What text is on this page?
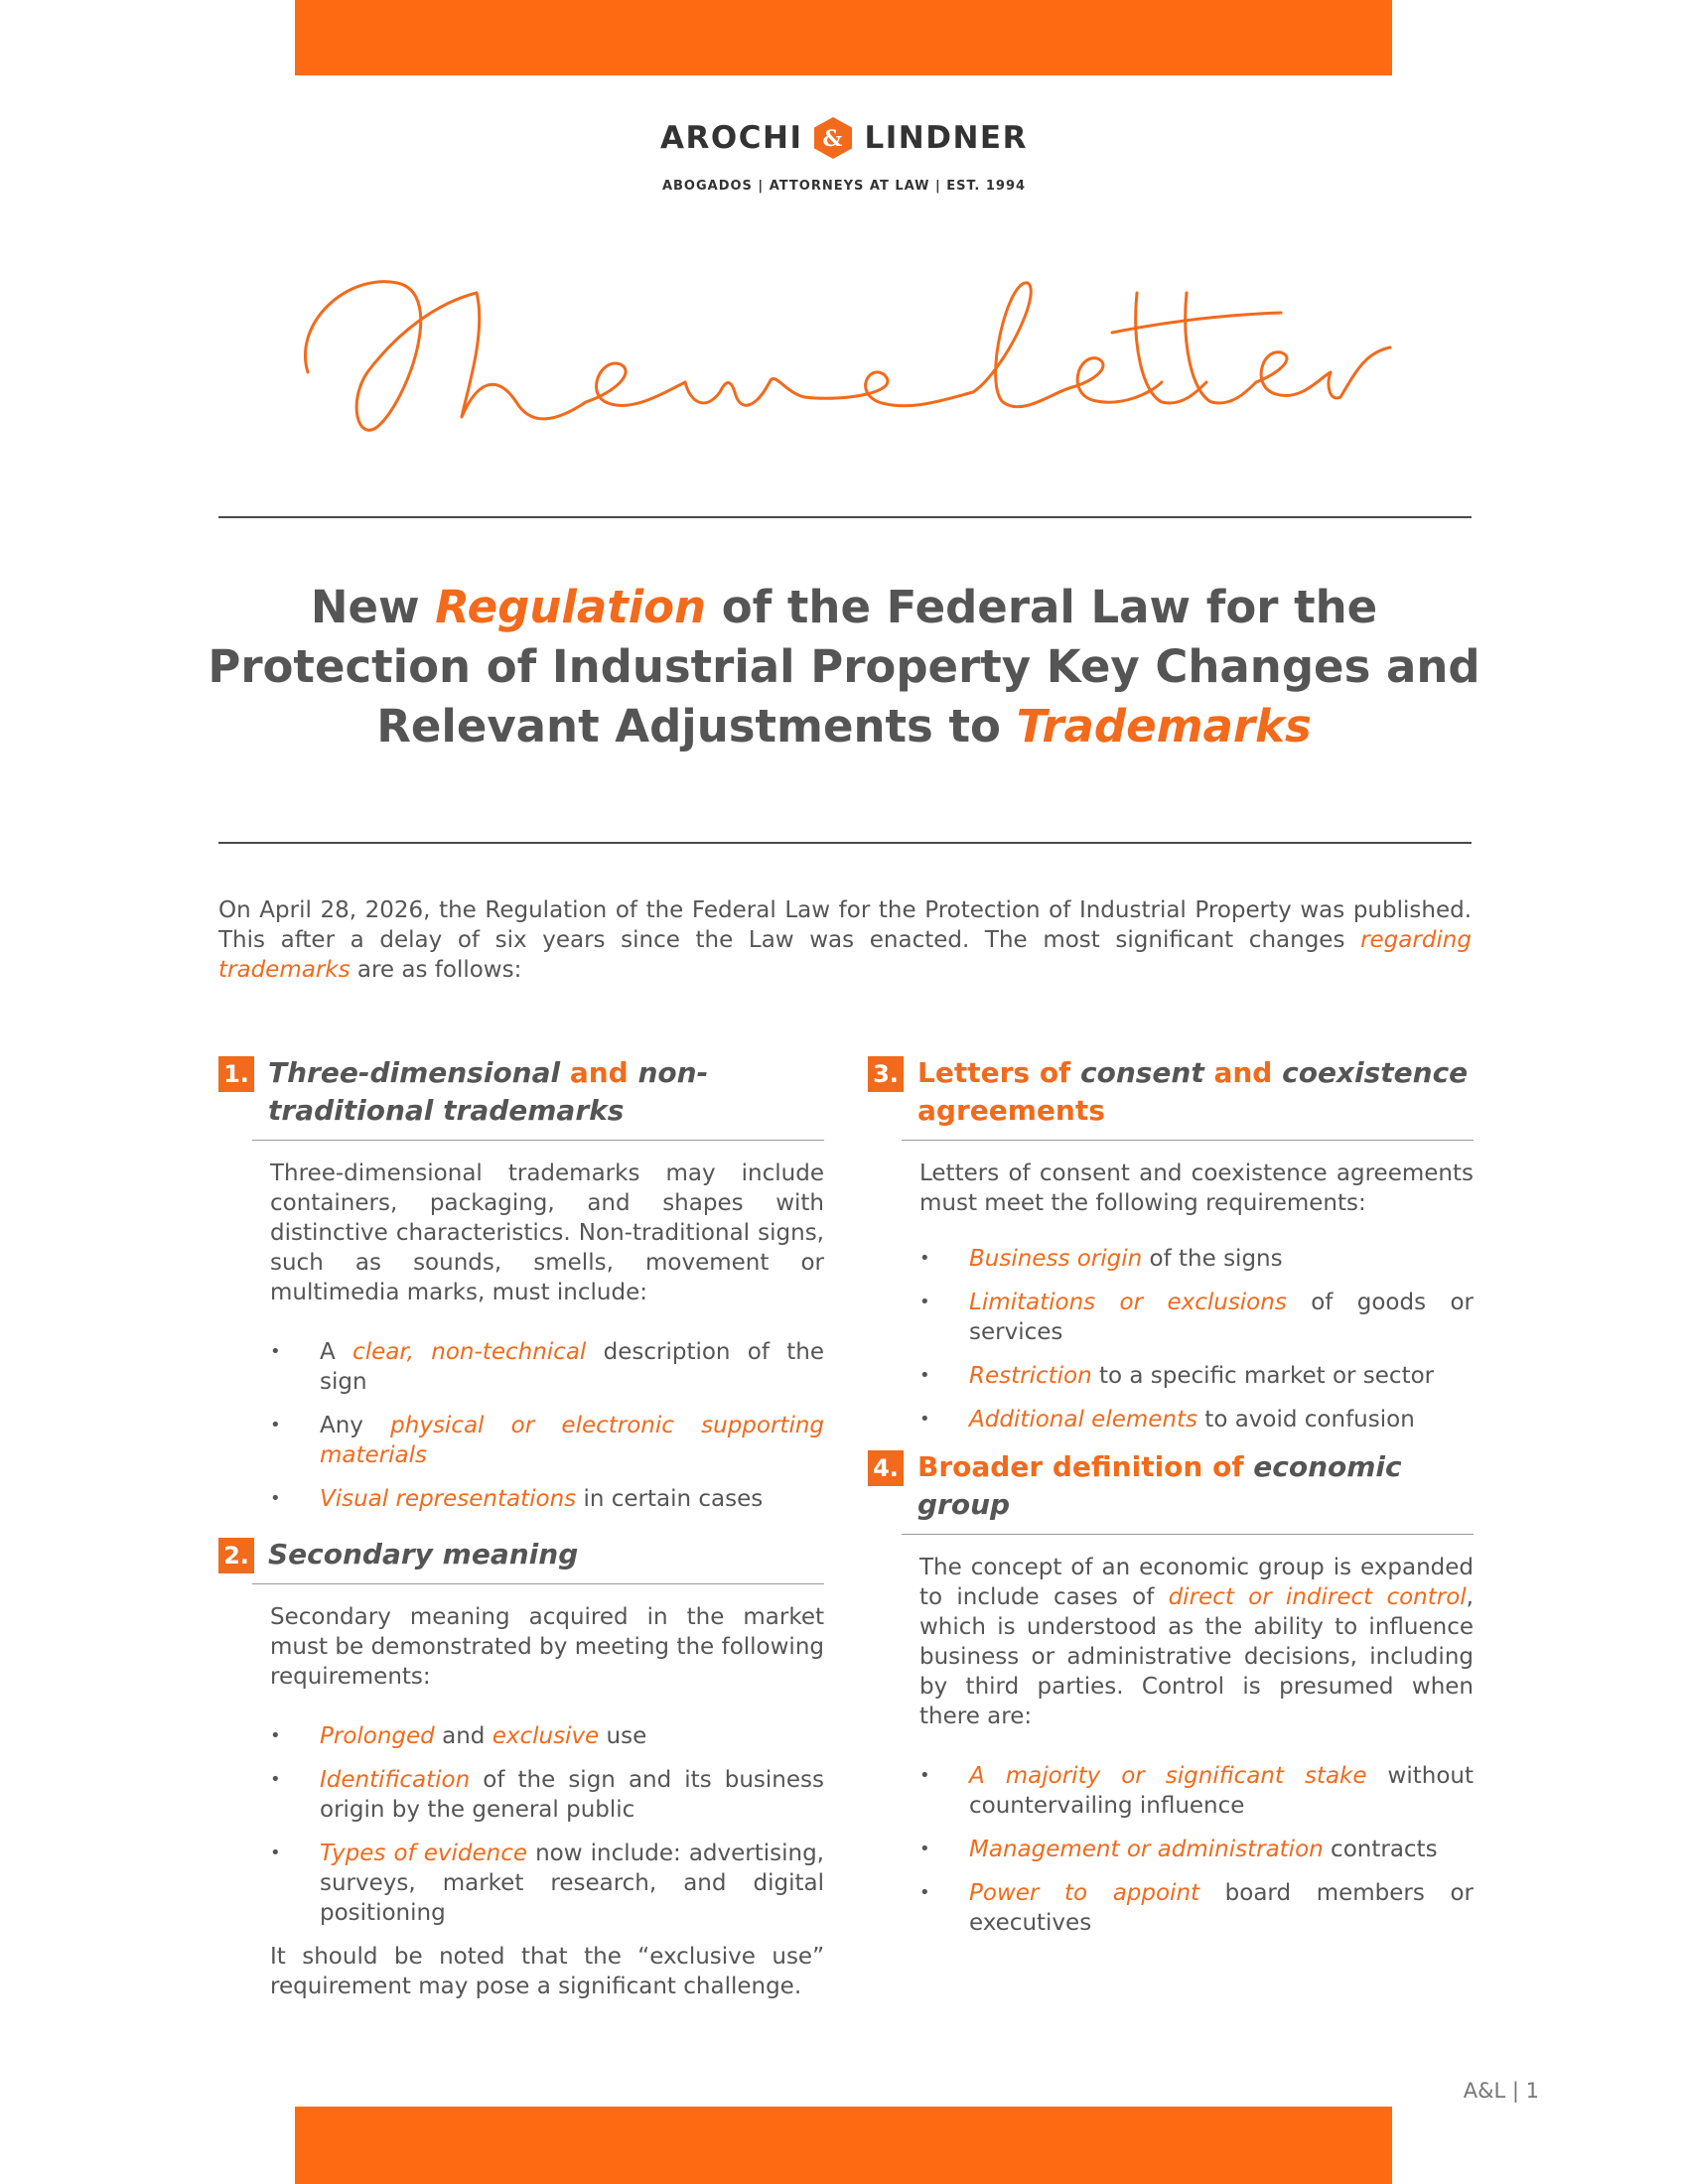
AROCHI & LINDNER
ABOGADOS | ATTORNEYS AT LAW | EST. 1994
Newsletter
New Regulation of the Federal Law for the Protection of Industrial Property Key Changes and Relevant Adjustments to Trademarks
On April 28, 2026, the Regulation of the Federal Law for the Protection of Industrial Property was published. This after a delay of six years since the Law was enacted. The most significant changes regarding trademarks are as follows:
1. Three-dimensional and non-traditional trademarks

Three-dimensional trademarks may include containers, packaging, and shapes with distinctive characteristics. Non-traditional signs, such as sounds, smells, movement or multimedia marks, must include:

• A clear, non-technical description of the sign
• Any physical or electronic supporting materials
• Visual representations in certain cases
2. Secondary meaning

Secondary meaning acquired in the market must be demonstrated by meeting the following requirements:

• Prolonged and exclusive use
• Identification of the sign and its business origin by the general public
• Types of evidence now include: advertising, surveys, market research, and digital positioning

It should be noted that the “exclusive use” requirement may pose a significant challenge.

3. Letters of consent and coexistence agreements

Letters of consent and coexistence agreements must meet the following requirements:

• Business origin of the signs
• Limitations or exclusions of goods or services
• Restriction to a specific market or sector
• Additional elements to avoid confusion
4. Broader definition of economic group

The concept of an economic group is expanded to include cases of direct or indirect control, which is understood as the ability to influence business or administrative decisions, including by third parties. Control is presumed when there are:

• A majority or significant stake without countervailing influence
• Management or administration contracts
• Power to appoint board members or executives
A&L | 1
